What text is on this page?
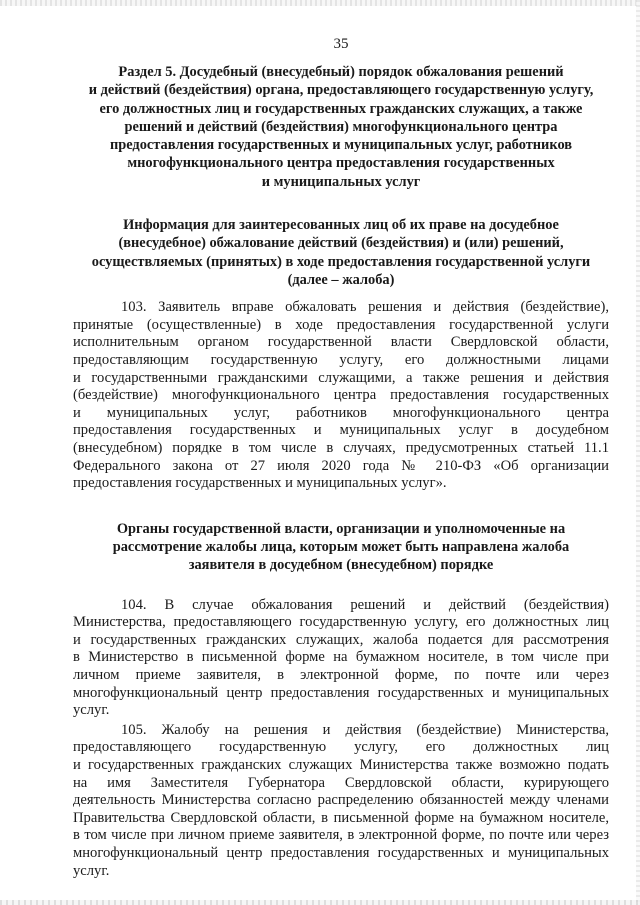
35
Раздел 5. Досудебный (внесудебный) порядок обжалования решений
и действий (бездействия) органа, предоставляющего государственную услугу,
его должностных лиц и государственных гражданских служащих, а также
решений и действий (бездействия) многофункционального центра
предоставления государственных и муниципальных услуг, работников
многофункционального центра предоставления государственных
и муниципальных услуг
Информация для заинтересованных лиц об их праве на досудебное
(внесудебное) обжалование действий (бездействия) и (или) решений,
осуществляемых (принятых) в ходе предоставления государственной услуги
(далее – жалоба)
103. Заявитель вправе обжаловать решения и действия (бездействие),
принятые (осуществленные) в ходе предоставления государственной услуги
исполнительным органом государственной власти Свердловской области,
предоставляющим государственную услугу, его должностными лицами
и государственными гражданскими служащими, а также решения и действия
(бездействие) многофункционального центра предоставления государственных
и муниципальных услуг, работников многофункционального центра
предоставления государственных и муниципальных услуг в досудебном
(внесудебном) порядке в том числе в случаях, предусмотренных статьей 11.1
Федерального закона от 27 июля 2020 года № 210-ФЗ «Об организации
предоставления государственных и муниципальных услуг».
Органы государственной власти, организации и уполномоченные на
рассмотрение жалобы лица, которым может быть направлена жалоба
заявителя в досудебном (внесудебном) порядке
104. В случае обжалования решений и действий (бездействия)
Министерства, предоставляющего государственную услугу, его должностных лиц
и государственных гражданских служащих, жалоба подается для рассмотрения
в Министерство в письменной форме на бумажном носителе, в том числе при
личном приеме заявителя, в электронной форме, по почте или через
многофункциональный центр предоставления государственных и муниципальных
услуг.
105. Жалобу на решения и действия (бездействие) Министерства,
предоставляющего государственную услугу, его должностных лиц
и государственных гражданских служащих Министерства также возможно подать
на имя Заместителя Губернатора Свердловской области, курирующего
деятельность Министерства согласно распределению обязанностей между членами
Правительства Свердловской области, в письменной форме на бумажном носителе,
в том числе при личном приеме заявителя, в электронной форме, по почте или через
многофункциональный центр предоставления государственных и муниципальных
услуг.
